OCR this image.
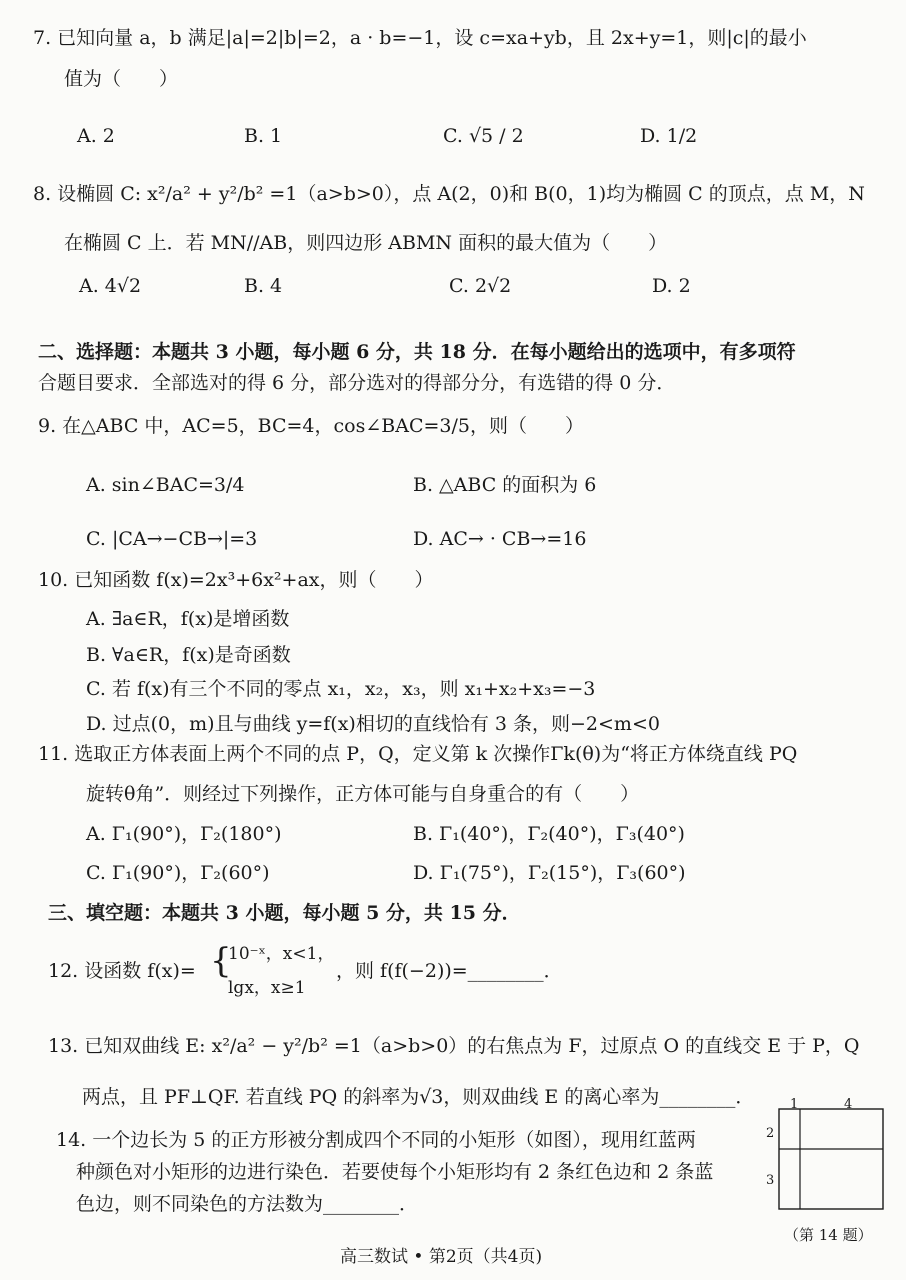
7. 已知向量 a，b 满足|a|=2|b|=2，a · b=−1，设 c=xa+yb，且 2x+y=1，则|c|的最小
值为（　　）
A. 2	B. 1	C. √5 / 2	D. 1/2
8. 设椭圆 C: x²/a² + y²/b² =1（a>b>0），点 A(2，0)和 B(0，1)均为椭圆 C 的顶点，点 M，N
在椭圆 C 上．若 MN//AB，则四边形 ABMN 面积的最大值为（　　）
A. 4√2	B. 4	C. 2√2	D. 2
二、选择题：本题共 3 小题，每小题 6 分，共 18 分．在每小题给出的选项中，有多项符
合题目要求．全部选对的得 6 分，部分选对的得部分分，有选错的得 0 分．
9. 在△ABC 中，AC=5，BC=4，cos∠BAC=3/5，则（　　）
A. sin∠BAC=3/4	B. △ABC 的面积为 6
C. |CA→−CB→|=3	D. AC→ · CB→=16
10. 已知函数 f(x)=2x³+6x²+ax，则（　　）
A. ∃a∈R，f(x)是增函数
B. ∀a∈R，f(x)是奇函数
C. 若 f(x)有三个不同的零点 x₁，x₂，x₃，则 x₁+x₂+x₃=−3
D. 过点(0，m)且与曲线 y=f(x)相切的直线恰有 3 条，则−2<m<0
11. 选取正方体表面上两个不同的点 P，Q，定义第 k 次操作Γk(θ)为“将正方体绕直线 PQ
旋转θ角”．则经过下列操作，正方体可能与自身重合的有（　　）
A. Γ₁(90°)，Γ₂(180°)	B. Γ₁(40°)，Γ₂(40°)，Γ₃(40°)
C. Γ₁(90°)，Γ₂(60°)	D. Γ₁(75°)，Γ₂(15°)，Γ₃(60°)
三、填空题：本题共 3 小题，每小题 5 分，共 15 分．
12. 设函数 f(x)= {
10⁻ˣ，x<1，
lgx，x≥1
，则 f(f(−2))=________．
13. 已知双曲线 E: x²/a² − y²/b² =1（a>b>0）的右焦点为 F，过原点 O 的直线交 E 于 P，Q
两点，且 PF⊥QF. 若直线 PQ 的斜率为√3，则双曲线 E 的离心率为________．
14. 一个边长为 5 的正方形被分割成四个不同的小矩形（如图），现用红蓝两
种颜色对小矩形的边进行染色．若要使每个小矩形均有 2 条红色边和 2 条蓝
色边，则不同染色的方法数为________．
1	4
2
3
（第 14 题）
高三数试 • 第2页（共4页)
